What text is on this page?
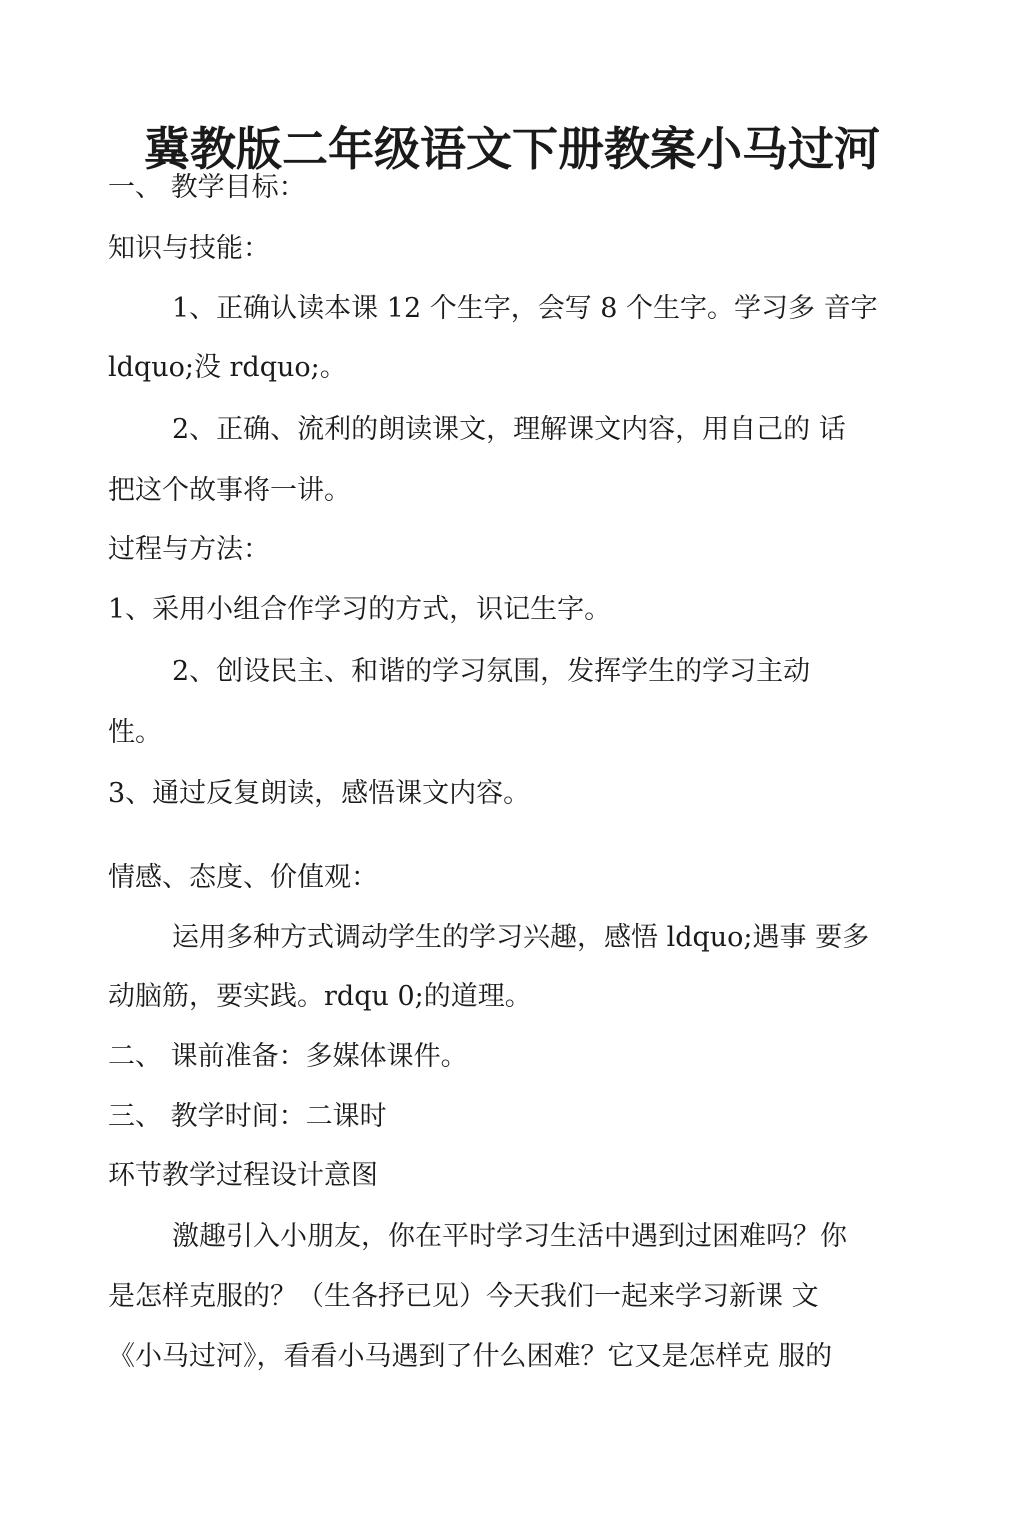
冀教版二年级语文下册教案小马过河

一、 教学目标：

知识与技能：

1、正确认读本课 12 个生字，会写 8 个生字。学习多 音字

ldquo;没 rdquo;。

2、正确、流利的朗读课文，理解课文内容，用自己的 话

把这个故事将一讲。

过程与方法：

1、采用小组合作学习的方式，识记生字。

2、创设民主、和谐的学习氛围，发挥学生的学习主动

性。

3、通过反复朗读，感悟课文内容。

情感、态度、价值观：

运用多种方式调动学生的学习兴趣，感悟 ldquo;遇事 要多

动脑筋，要实践。rdqu 0;的道理。

二、 课前准备：多媒体课件。

三、 教学时间：二课时

环节教学过程设计意图

激趣引入小朋友，你在平时学习生活中遇到过困难吗？你

是怎样克服的？（生各抒已见）今天我们一起来学习新课 文

《小马过河》，看看小马遇到了什么困难？它又是怎样克 服的
